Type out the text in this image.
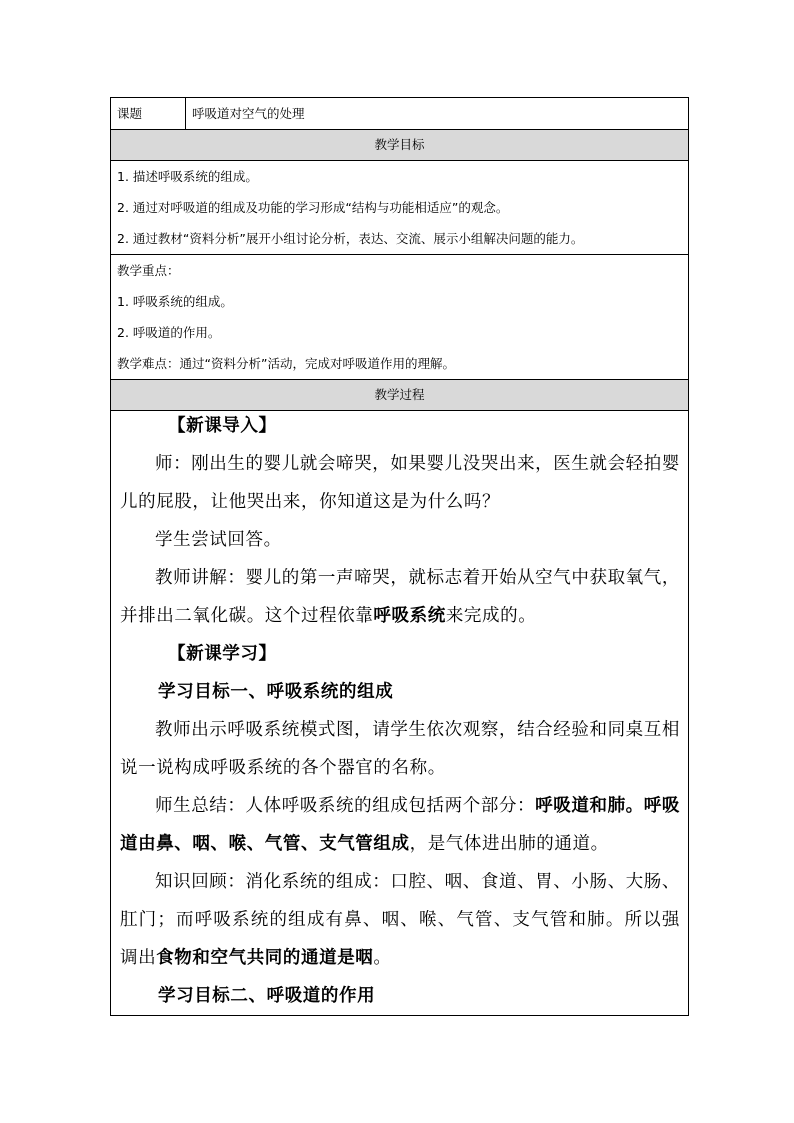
课题	呼吸道对空气的处理
教学目标

1. 描述呼吸系统的组成。
2. 通过对呼吸道的组成及功能的学习形成“结构与功能相适应”的观念。
2. 通过教材“资料分析”展开小组讨论分析，表达、交流、展示小组解决问题的能力。

教学重点：
1. 呼吸系统的组成。
2. 呼吸道的作用。
教学难点：通过“资料分析”活动，完成对呼吸道作用的理解。

教学过程

【新课导入】

师：刚出生的婴儿就会啼哭，如果婴儿没哭出来，医生就会轻拍婴儿的屁股，让他哭出来，你知道这是为什么吗？

学生尝试回答。

教师讲解：婴儿的第一声啼哭，就标志着开始从空气中获取氧气，并排出二氧化碳。这个过程依靠呼吸系统来完成的。

【新课学习】

学习目标一、呼吸系统的组成

教师出示呼吸系统模式图，请学生依次观察，结合经验和同桌互相说一说构成呼吸系统的各个器官的名称。

师生总结：人体呼吸系统的组成包括两个部分：呼吸道和肺。呼吸道由鼻、咽、喉、气管、支气管组成，是气体进出肺的通道。

知识回顾：消化系统的组成：口腔、咽、食道、胃、小肠、大肠、肛门；而呼吸系统的组成有鼻、咽、喉、气管、支气管和肺。所以强调出食物和空气共同的通道是咽。

学习目标二、呼吸道的作用
